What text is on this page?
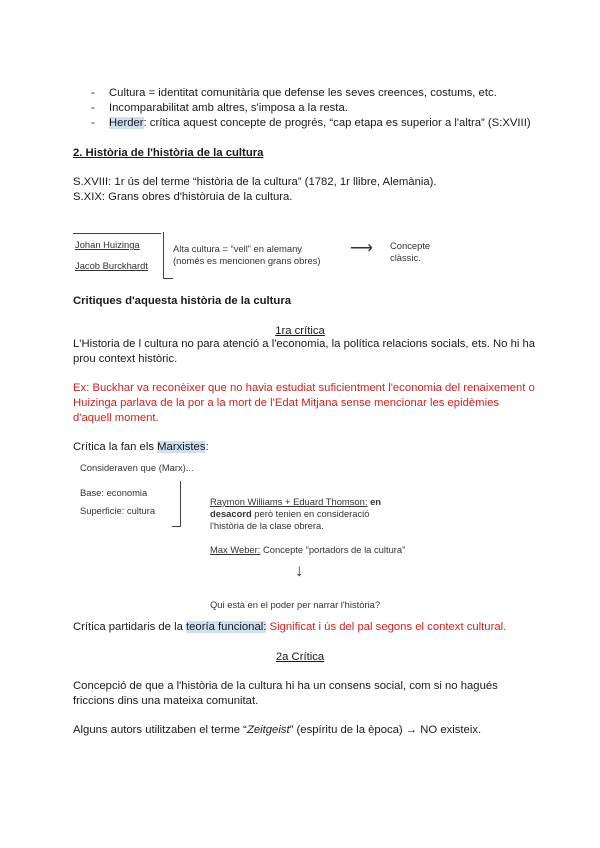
- Cultura = identitat comunitària que defense les seves creences, costums, etc.
- Incomparabilitat amb altres, s'imposa a la resta.
- Herder: crítica aquest concepte de progrés, “cap etapa es superior a l'altra” (S:XVIII)
2. Història de l'història de la cultura
S.XVIII: 1r ús del terme “història de la cultura” (1782, 1r llibre, Alemània).
S.XIX: Grans obres d'històruia de la cultura.
Johan Huizinga
Jacob Burckhardt
Alta cultura = “vell” en alemany
(només es mencionen grans obres)
⟶ Concepte
clàssic.
Critiques d'aquesta història de la cultura
1ra crítica
L'Historia de l cultura no para atenció a l'economia, la política relacions socials, ets. No hi ha
prou context històric.
Ex: Buckhar va reconèixer que no havia estudiat suficientment l'economia del renaixement o
Huizinga parlava de la por a la mort de l'Edat Mitjana sense mencionar les epidèmies
d'aquell moment.
Crítica la fan els Marxistes:
Consideraven que (Marx)...
Base: economia
Superficie: cultura
Raymon Williams + Eduard Thomson: en
desacord però tenien en consideració
l'història de la clase obrera.
Max Weber: Concepte “portadors de la cultura”
↓
Qui està en el poder per narrar l'història?
Crítica partidaris de la teoría funcional: Significat i ús del pal segons el context cultural.
2a Crítica
Concepció de que a l'història de la cultura hi ha un consens social, com si no hagués
friccions dins una mateixa comunitat.
Alguns autors utilitzaben el terme “Zeitgeist” (espíritu de la època) → NO existeix.
